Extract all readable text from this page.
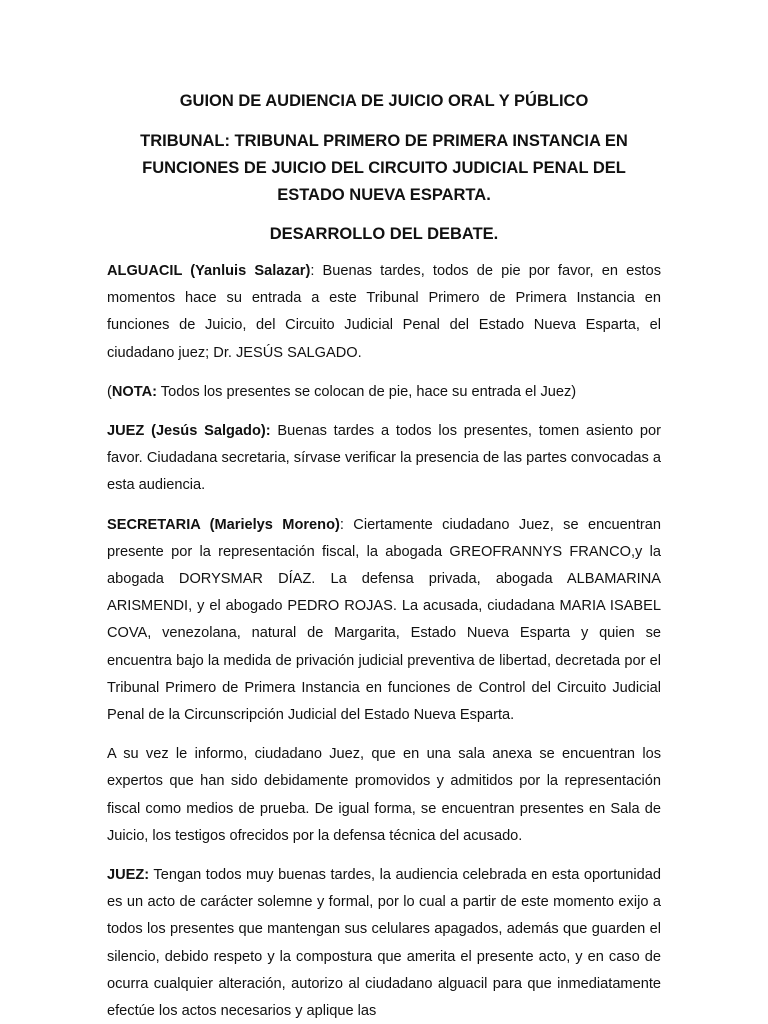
GUION DE AUDIENCIA DE JUICIO ORAL Y PÚBLICO
TRIBUNAL: TRIBUNAL PRIMERO DE PRIMERA INSTANCIA EN FUNCIONES DE JUICIO DEL CIRCUITO JUDICIAL PENAL DEL ESTADO NUEVA ESPARTA.
DESARROLLO DEL DEBATE.

ALGUACIL (Yanluis Salazar): Buenas tardes, todos de pie por favor, en estos momentos hace su entrada a este Tribunal Primero de Primera Instancia en funciones de Juicio, del Circuito Judicial Penal del Estado Nueva Esparta, el ciudadano juez; Dr. JESÚS SALGADO.

(NOTA: Todos los presentes se colocan de pie, hace su entrada el Juez)

JUEZ (Jesús Salgado): Buenas tardes a todos los presentes, tomen asiento por favor. Ciudadana secretaria, sírvase verificar la presencia de las partes convocadas a esta audiencia.

SECRETARIA (Marielys Moreno): Ciertamente ciudadano Juez, se encuentran presente por la representación fiscal, la abogada GREOFRANNYS FRANCO,y la abogada DORYSMAR DÍAZ. La defensa privada, abogada ALBAMARINA ARISMENDI, y el abogado PEDRO ROJAS. La acusada, ciudadana MARIA ISABEL COVA, venezolana, natural de Margarita, Estado Nueva Esparta y quien se encuentra bajo la medida de privación judicial preventiva de libertad, decretada por el Tribunal Primero de Primera Instancia en funciones de Control del Circuito Judicial Penal de la Circunscripción Judicial del Estado Nueva Esparta.

A su vez le informo, ciudadano Juez, que en una sala anexa se encuentran los expertos que han sido debidamente promovidos y admitidos por la representación fiscal como medios de prueba. De igual forma, se encuentran presentes en Sala de Juicio, los testigos ofrecidos por la defensa técnica del acusado.

JUEZ: Tengan todos muy buenas tardes, la audiencia celebrada en esta oportunidad es un acto de carácter solemne y formal, por lo cual a partir de este momento exijo a todos los presentes que mantengan sus celulares apagados, además que guarden el silencio, debido respeto y la compostura que amerita el presente acto, y en caso de ocurra cualquier alteración, autorizo al ciudadano alguacil para que inmediatamente efectúe los actos necesarios y aplique las
